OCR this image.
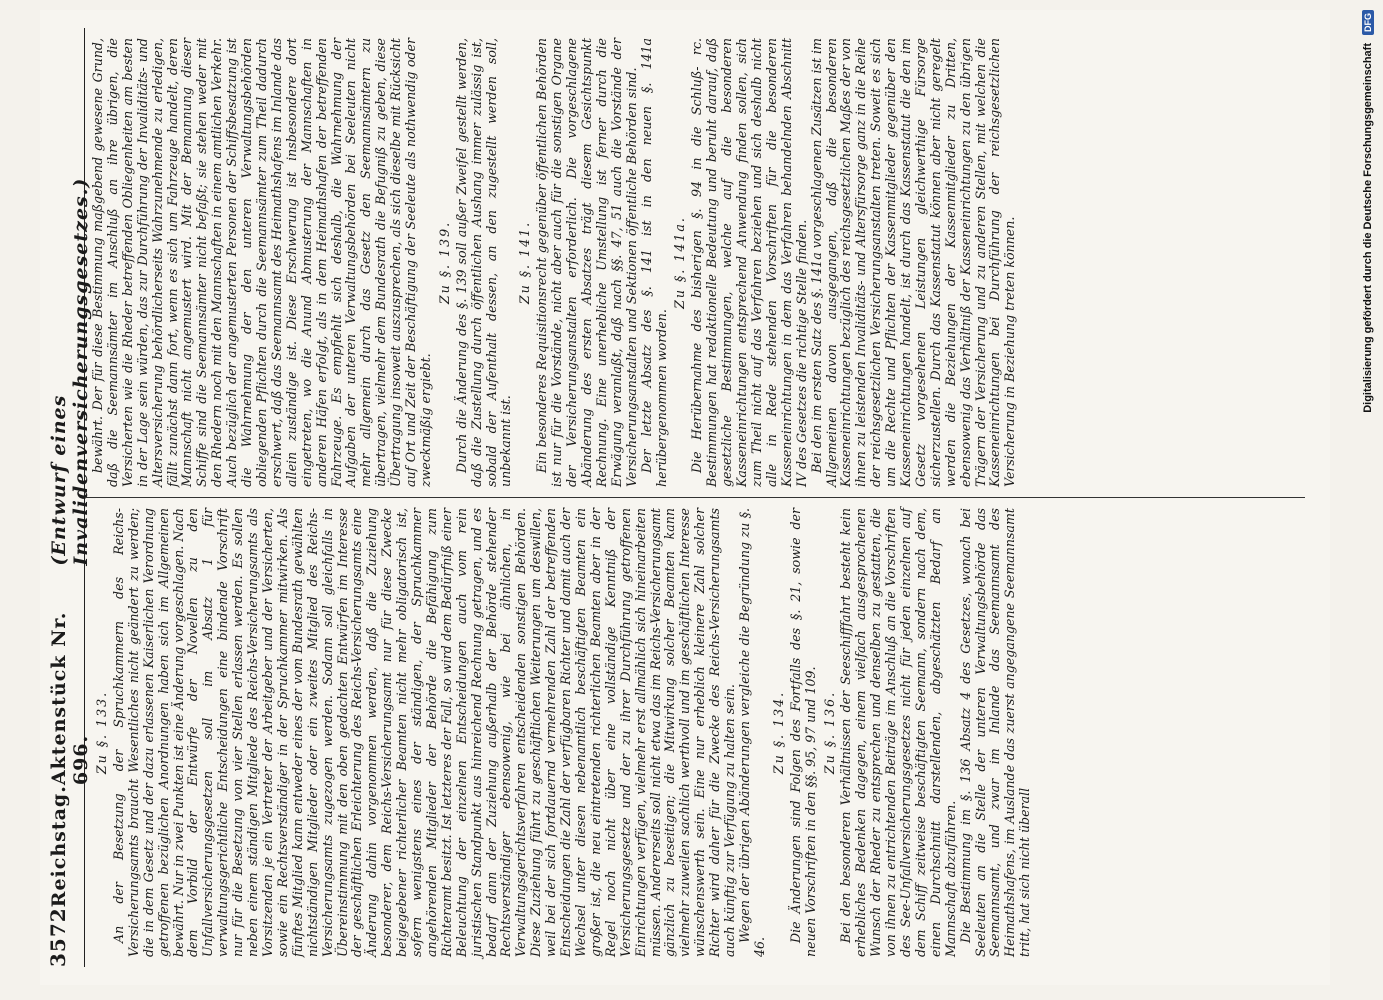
3572
Reichstag.
Aktenstück Nr. 696.
(Entwurf eines Invalidenversicherungsgesetzes.)
Zu §. 133. An der Besetzung der Spruchkammern des Reichs-Versicherungsamts braucht Wesentliches nicht geändert zu werden; die in dem Gesetz und der dazu erlassenen Kaiserlichen Verordnung getroffenen bezüglichen Anordnungen haben sich im Allgemeinen bewährt. Nur in zwei Punkten ist eine Änderung vorgeschlagen. Nach dem Vorbild der Entwürfe der Novellen zu den Unfallversicherungsgesetzen soll im Absatz 1 für verwaltungsgerichtliche Entscheidungen eine bindende Vorschrift nur für die Besetzung von vier Stellen erlassen werden. Es sollen neben einem ständigen Mitgliede des Reichs-Versicherungsamts als Vorsitzenden je ein Vertreter der Arbeitgeber und der Versicherten, sowie ein Rechtsverständiger in der Spruchkammer mitwirken. Als fünftes Mitglied kann entweder eines der vom Bundesrath gewählten nichtständigen Mitglieder oder ein zweites Mitglied des Reichs-Versicherungsamts zugezogen werden. Sodann soll gleichfalls in Übereinstimmung mit den oben gedachten Entwürfen im Interesse der geschäftlichen Erleichterung des Reichs-Versicherungsamts eine Änderung dahin vorgenommen werden, daß die Zuziehung besonderer, dem Reichs-Versicherungsamt nur für diese Zwecke beigegebener richterlicher Beamten nicht mehr obligatorisch ist, sofern wenigstens eines der ständigen, der Spruchkammer angehörenden Mitglieder der Behörde die Befähigung zum Richteramt besitzt. Ist letzteres der Fall, so wird dem Bedürfniß einer Beleuchtung der einzelnen Entscheidungen auch vom rein juristischen Standpunkt aus hinreichend Rechnung getragen, und es bedarf dann der Zuziehung außerhalb der Behörde stehender Rechtsverständiger ebensowenig, wie bei ähnlichen, in Verwaltungsgerichtsverfahren entscheidenden sonstigen Behörden. Diese Zuziehung führt zu geschäftlichen Weiterungen um deswillen, weil bei der sich fortdauernd vermehrenden Zahl der betreffenden Entscheidungen die Zahl der verfügbaren Richter und damit auch der Wechsel unter diesen nebenamtlich beschäftigten Beamten ein großer ist, die neu eintretenden richterlichen Beamten aber in der Regel noch nicht über eine vollständige Kenntniß der Versicherungsgesetze und der zu ihrer Durchführung getroffenen Einrichtungen verfügen, vielmehr erst allmählich sich hineinarbeiten müssen. Andererseits soll nicht etwa das im Reichs-Versicherungsamt gänzlich zu beseitigen; die Mitwirkung solcher Beamten kann vielmehr zuweilen sachlich werthvoll und im geschäftlichen Interesse wünschenswerth sein. Eine nur erheblich kleinere Zahl solcher Richter wird daher für die Zwecke des Reichs-Versicherungsamts auch künftig zur Verfügung zu halten sein. Wegen der übrigen Abänderungen vergleiche die Begründung zu §. 46.

Zu §. 134. Die Änderungen sind Folgen des Fortfalls des §. 21, sowie der neuen Vorschriften in den §§. 95, 97 und 109. Zu §. 136. Bei den besonderen Verhältnissen der Seeschifffahrt besteht kein erhebliches Bedenken dagegen, einem vielfach ausgesprochenen Wunsch der Rheder zu entsprechen und denselben zu gestatten, die von ihnen zu entrichtenden Beiträge im Anschluß an die Vorschriften des See-Unfallversicherungsgesetzes nicht für jeden einzelnen auf dem Schiff zeitweise beschäftigten Seemann, sondern nach dem, einen Durchschnitt darstellenden, abgeschätzten Bedarf an Mannschaft abzuführen. Die Bestimmung im §. 136 Absatz 4 des Gesetzes, wonach bei Seeleuten an die Stelle der unteren Verwaltungsbehörde das Seemannsamt, und zwar im Inlande das Seemannsamt des Heimathshafens, im Auslande das zuerst angegangene Seemannsamt tritt, hat sich nicht überall

bewährt. Der für diese Bestimmung maßgebend gewesene Grund, daß die Seemannsämter im Anschluß an ihre übrigen, die Versicherten wie die Rheder betreffenden Obliegenheiten am besten in der Lage sein würden, das zur Durchführung der Invaliditäts- und Altersversicherung behördlicherseits Wahrzunehmende zu erledigen, fällt zunächst dann fort, wenn es sich um Fahrzeuge handelt, deren Mannschaft nicht angemustert wird. Mit der Bemannung dieser Schiffe sind die Seemannsämter nicht befaßt; sie stehen weder mit den Rhedern noch mit den Mannschaften in einem amtlichen Verkehr. Auch bezüglich der angemusterten Personen der Schiffsbesatzung ist die Wahrnehmung der den unteren Verwaltungsbehörden obliegenden Pflichten durch die Seemannsämter zum Theil dadurch erschwert, daß das Seemannsamt des Heimathshafens im Inlande das allein zuständige ist. Diese Erschwerung ist insbesondere dort eingetreten, wo die Anund Abmusterung der Mannschaften in anderen Häfen erfolgt, als in dem Heimathshafen der betreffenden Fahrzeuge. Es empfiehlt sich deshalb, die Wahrnehmung der Aufgaben der unteren Verwaltungsbehörden bei Seeleuten nicht mehr allgemein durch das Gesetz den Seemannsämtern zu übertragen, vielmehr dem Bundesrath die Befugniß zu geben, diese Übertragung insoweit auszusprechen, als sich dieselbe mit Rücksicht auf Ort und Zeit der Beschäftigung der Seeleute als nothwendig oder zweckmäßig ergiebt.

Zu §. 139. Durch die Änderung des §. 139 soll außer Zweifel gestellt werden, daß die Zustellung durch öffentlichen Aushang immer zulässig ist, sobald der Aufenthalt dessen, an den zugestellt werden soll, unbekannt ist.

Zu §. 141. Ein besonderes Requisitionsrecht gegenüber öffentlichen Behörden ist nur für die Vorstände, nicht aber auch für die sonstigen Organe der Versicherungsanstalten erforderlich. Die vorgeschlagene Abänderung des ersten Absatzes trägt diesem Gesichtspunkt Rechnung. Eine unerhebliche Umstellung ist ferner durch die Erwägung veranlaßt, daß nach §§. 47, 51 auch die Vorstände der Versicherungsanstalten und Sektionen öffentliche Behörden sind. Der letzte Absatz des §. 141 ist in den neuen §. 141a herübergenommen worden.

Zu §. 141a. Die Herübernahme des bisherigen §. 94 in die Schluß- rc. Bestimmungen hat redaktionelle Bedeutung und beruht darauf, daß gesetzliche Bestimmungen, welche auf die besonderen Kasseneinrichtungen entsprechend Anwendung finden sollen, sich zum Theil nicht auf das Verfahren beziehen und sich deshalb nicht alle in Rede stehenden Vorschriften für die besonderen Kasseneinrichtungen in dem das Verfahren behandelnden Abschnitt IV des Gesetzes die richtige Stelle finden. Bei den im ersten Satz des §. 141a vorgeschlagenen Zusätzen ist im Allgemeinen davon ausgegangen, daß die besonderen Kasseneinrichtungen bezüglich des reichsgesetzlichen Maßes der von ihnen zu leistenden Invaliditäts- und Altersfürsorge ganz in die Reihe der reichsgesetzlichen Versicherungsanstalten treten. Soweit es sich um die Rechte und Pflichten der Kassenmitglieder gegenüber den Kasseneinrichtungen handelt, ist durch das Kassenstatut die den im Gesetz vorgesehenen Leistungen gleichwerthige Fürsorge sicherzustellen. Durch das Kassenstatut können aber nicht geregelt werden die Beziehungen der Kassenmitglieder zu Dritten, ebensowenig das Verhältniß der Kasseneinrichtungen zu den übrigen Trägern der Versicherung und zu anderen Stellen, mit welchen die Kasseneinrichtungen bei Durchführung der reichsgesetzlichen Versicherung in Beziehung treten können.	Digitalisierung gefördert durch die Deutsche Forschungsgemeinschaft
DFG
